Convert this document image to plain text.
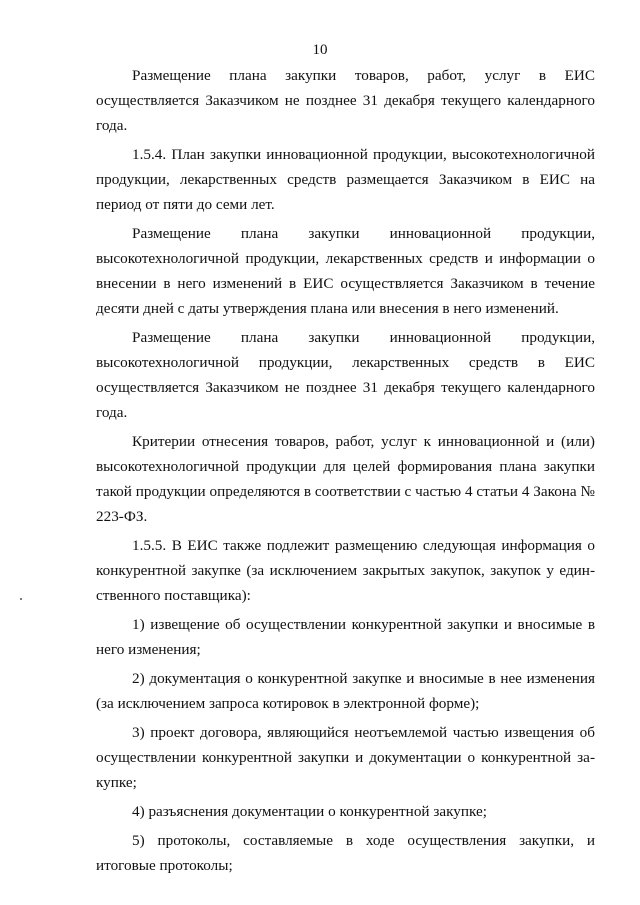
10

Размещение плана закупки товаров, работ, услуг в ЕИС осуществляется Заказчиком не позднее 31 декабря текущего календарного года.

1.5.4. План закупки инновационной продукции, высокотехнологичной продукции, лекарственных средств размещается Заказчиком в ЕИС на период от пяти до семи лет.

Размещение плана закупки инновационной продукции, высокотехнологичной продукции, лекарственных средств и информации о внесении в него изменений в ЕИС осуществляется Заказчиком в течение десяти дней с даты утверждения плана или внесения в него изменений.

Размещение плана закупки инновационной продукции, высокотехнологичной продукции, лекарственных средств в ЕИС осуществляется Заказчиком не позднее 31 декабря текущего календарного года.

Критерии отнесения товаров, работ, услуг к инновационной и (или) высокотехнологичной продукции для целей формирования плана закупки такой продукции определяются в соответствии с частью 4 статьи 4 Закона № 223-ФЗ.

1.5.5. В ЕИС также подлежит размещению следующая информация о конкурентной закупке (за исключением закрытых закупок, закупок у единственного поставщика):

1) извещение об осуществлении конкурентной закупки и вносимые в него изменения;

2) документация о конкурентной закупке и вносимые в нее изменения (за исключением запроса котировок в электронной форме);

3) проект договора, являющийся неотъемлемой частью извещения об осуществлении конкурентной закупки и документации о конкурентной закупке;

4) разъяснения документации о конкурентной закупке;

5) протоколы, составляемые в ходе осуществления закупки, и итоговые протоколы;
